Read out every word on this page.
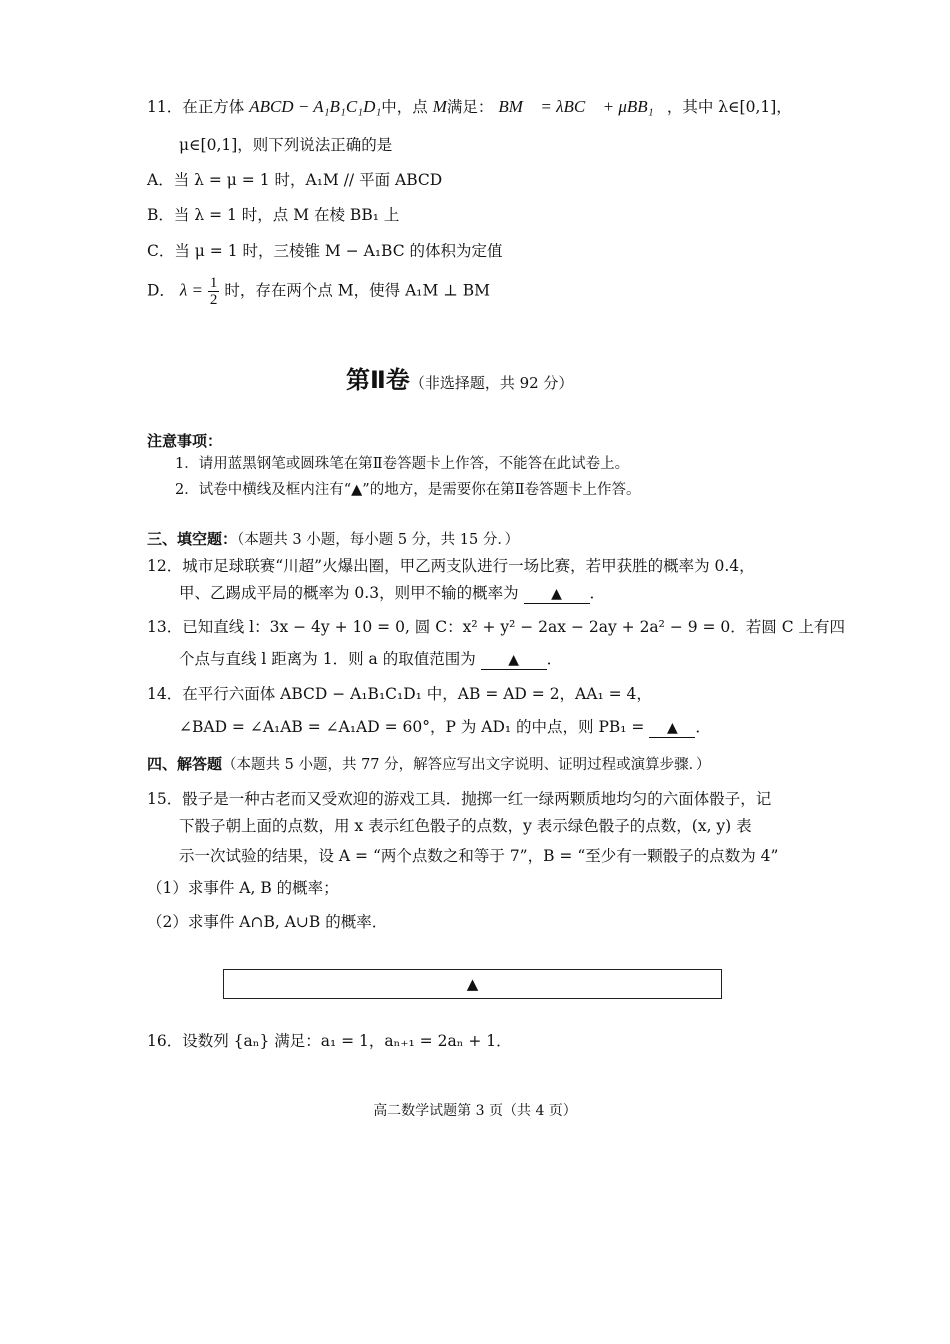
11．在正方体 ABCD − A₁B₁C₁D₁中，点 M满足： BM⃗ = λBC⃗ + μBB₁⃗，其中 λ∈[0,1]，
μ∈[0,1]，则下列说法正确的是
A．当 λ = μ = 1 时，A₁M // 平面 ABCD
B．当 λ = 1 时，点 M 在棱 BB₁ 上
C．当 μ = 1 时，三棱锥 M − A₁BC 的体积为定值
D． $\lambda = \frac{1}{2}$ 时，存在两个点 M，使得 A₁M ⊥ BM
第Ⅱ卷（非选择题，共 92 分）
注意事项：
1．请用蓝黑钢笔或圆珠笔在第Ⅱ卷答题卡上作答，不能答在此试卷上。
2．试卷中横线及框内注有“▲”的地方，是需要你在第Ⅱ卷答题卡上作答。
三、填空题：（本题共 3 小题，每小题 5 分，共 15 分．）
12．城市足球联赛“川超”火爆出圈，甲乙两支队进行一场比赛，若甲获胜的概率为 0.4，
甲、乙踢成平局的概率为 0.3，则甲不输的概率为 ▲ ．
13．已知直线 l：3x − 4y + 10 = 0, 圆 C：x² + y² − 2ax − 2ay + 2a² − 9 = 0．若圆 C 上有四
个点与直线 l 距离为 1．则 a 的取值范围为 ▲ ．
14．在平行六面体 ABCD − A₁B₁C₁D₁ 中，AB = AD = 2，AA₁ = 4，
∠BAD = ∠A₁AB = ∠A₁AD = 60°，P 为 AD₁ 的中点，则 PB₁ = ▲ ．
四、解答题（本题共 5 小题，共 77 分，解答应写出文字说明、证明过程或演算步骤．）
15．骰子是一种古老而又受欢迎的游戏工具．抛掷一红一绿两颗质地均匀的六面体骰子，记
下骰子朝上面的点数，用 x 表示红色骰子的点数，y 表示绿色骰子的点数，(x, y) 表
示一次试验的结果，设 A = “两个点数之和等于 7”，B = “至少有一颗骰子的点数为 4”
（1）求事件 A, B 的概率；
（2）求事件 A∩B, A∪B 的概率．
▲
16．设数列 {aₙ} 满足：a₁ = 1，aₙ₊₁ = 2aₙ + 1．
高二数学试题第 3 页（共 4 页）
